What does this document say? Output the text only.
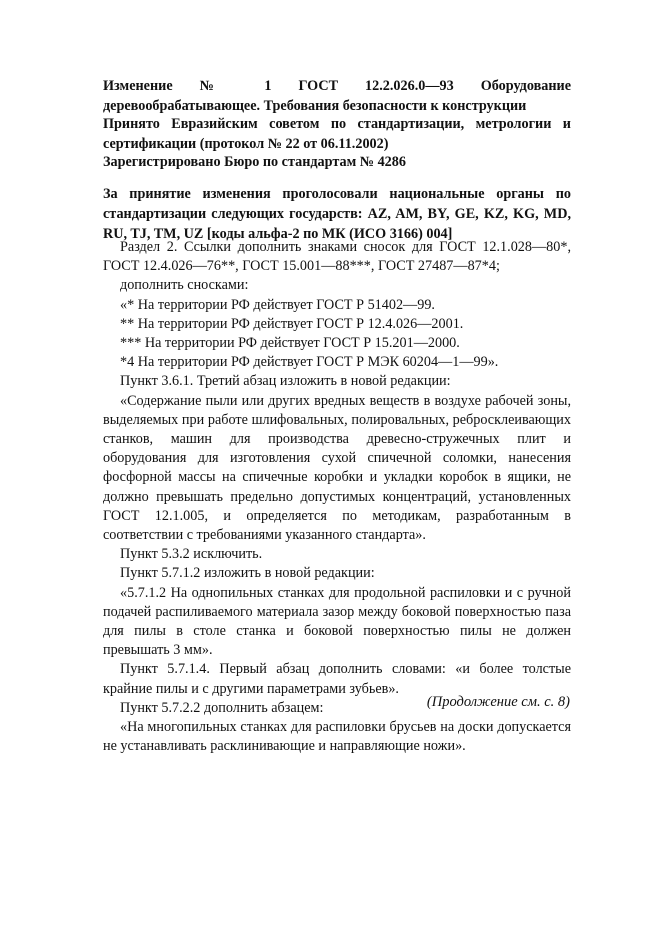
Изменение № 1 ГОСТ 12.2.026.0—93 Оборудование деревообрабатывающее. Требования безопасности к конструкции

Принято Евразийским советом по стандартизации, метрологии и сертификации (протокол № 22 от 06.11.2002)

Зарегистрировано Бюро по стандартам № 4286

За принятие изменения проголосовали национальные органы по стандартизации следующих государств: AZ, AM, BY, GE, KZ, KG, MD, RU, TJ, TM, UZ [коды альфа-2 по МК (ИСО 3166) 004]

Раздел 2. Ссылки дополнить знаками сносок для ГОСТ 12.1.028—80*, ГОСТ 12.4.026—76**, ГОСТ 15.001—88***, ГОСТ 27487—87*4;

дополнить сносками:

«* На территории РФ действует ГОСТ Р 51402—99.

** На территории РФ действует ГОСТ Р 12.4.026—2001.

*** На территории РФ действует ГОСТ Р 15.201—2000.

*4 На территории РФ действует ГОСТ Р МЭК 60204—1—99».

Пункт 3.6.1. Третий абзац изложить в новой редакции:

«Содержание пыли или других вредных веществ в воздухе рабочей зоны, выделяемых при работе шлифовальных, полировальных, ребросклеивающих станков, машин для производства древесно-стружечных плит и оборудования для изготовления сухой спичечной соломки, нанесения фосфорной массы на спичечные коробки и укладки коробок в ящики, не должно превышать предельно допустимых концентраций, установленных ГОСТ 12.1.005, и определяется по методикам, разработанным в соответствии с требованиями указанного стандарта».

Пункт 5.3.2 исключить.

Пункт 5.7.1.2 изложить в новой редакции:

«5.7.1.2 На однопильных станках для продольной распиловки и с ручной подачей распиливаемого материала зазор между боковой поверхностью паза для пилы в столе станка и боковой поверхностью пилы не должен превышать 3 мм».

Пункт 5.7.1.4. Первый абзац дополнить словами: «и более толстые крайние пилы и с другими параметрами зубьев».

Пункт 5.7.2.2 дополнить абзацем:

«На многопильных станках для распиловки брусьев на доски допускается не устанавливать расклинивающие и направляющие ножи».

(Продолжение см. с. 8)
